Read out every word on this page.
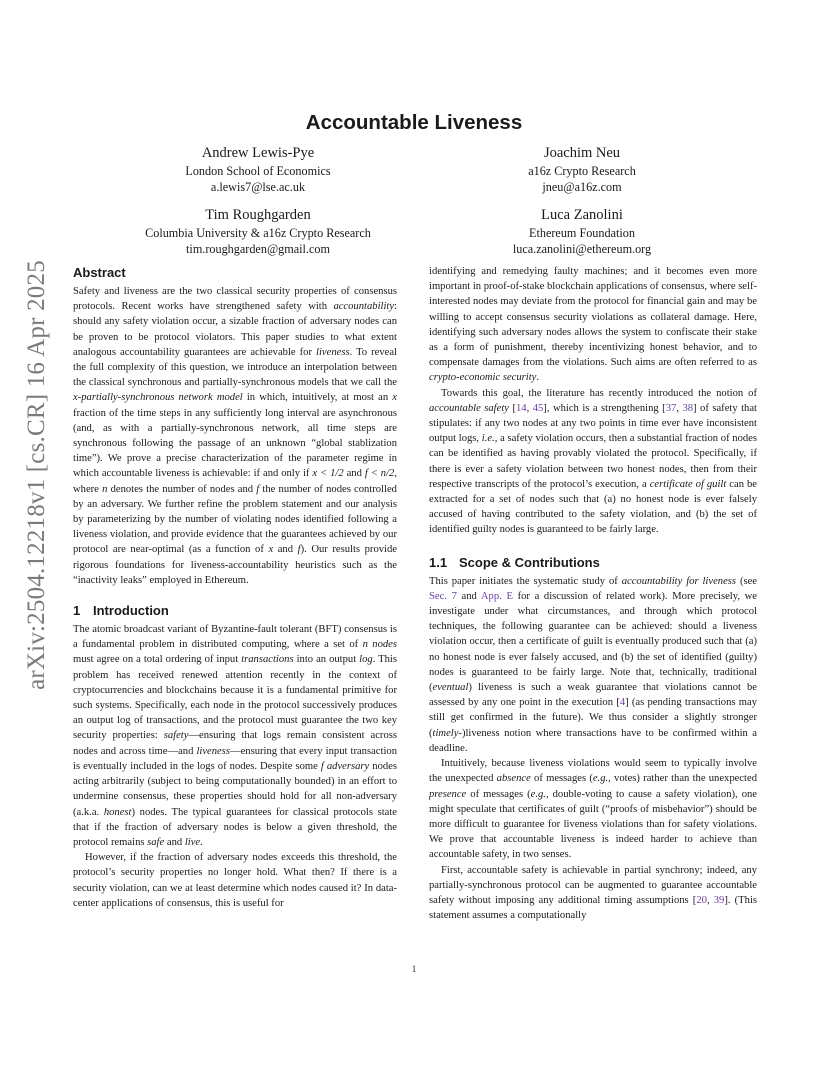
arXiv:2504.12218v1 [cs.CR] 16 Apr 2025
Accountable Liveness
Andrew Lewis-Pye
London School of Economics
a.lewis7@lse.ac.uk
Joachim Neu
a16z Crypto Research
jneu@a16z.com
Tim Roughgarden
Columbia University & a16z Crypto Research
tim.roughgarden@gmail.com
Luca Zanolini
Ethereum Foundation
luca.zanolini@ethereum.org
Abstract

Safety and liveness are the two classical security properties of consensus protocols. Recent works have strengthened safety with accountability: should any safety violation occur, a sizable fraction of adversary nodes can be proven to be protocol violators. This paper studies to what extent analogous accountability guarantees are achievable for liveness. To reveal the full complexity of this question, we introduce an interpolation between the classical synchronous and partially-synchronous models that we call the x-partially-synchronous network model in which, intuitively, at most an x fraction of the time steps in any sufficiently long interval are asynchronous (and, as with a partially-synchronous network, all time steps are synchronous following the passage of an unknown “global stablization time”). We prove a precise characterization of the parameter regime in which accountable liveness is achievable: if and only if x < 1/2 and f < n/2, where n denotes the number of nodes and f the number of nodes controlled by an adversary. We further refine the problem statement and our analysis by parameterizing by the number of violating nodes identified following a liveness violation, and provide evidence that the guarantees achieved by our protocol are near-optimal (as a function of x and f). Our results provide rigorous foundations for liveness-accountability heuristics such as the “inactivity leaks” employed in Ethereum.

1 Introduction

The atomic broadcast variant of Byzantine-fault tolerant (BFT) consensus is a fundamental problem in distributed computing, where a set of n nodes must agree on a total ordering of input transactions into an output log. This problem has received renewed attention recently in the context of cryptocurrencies and blockchains because it is a fundamental primitive for such systems. Specifically, each node in the protocol successively produces an output log of transactions, and the protocol must guarantee the two key security properties: safety—ensuring that logs remain consistent across nodes and across time—and liveness—ensuring that every input transaction is eventually included in the logs of nodes. Despite some f adversary nodes acting arbitrarily (subject to being computationally bounded) in an effort to undermine consensus, these properties should hold for all non-adversary (a.k.a. honest) nodes. The typical guarantees for classical protocols state that if the fraction of adversary nodes is below a given threshold, the protocol remains safe and live.

However, if the fraction of adversary nodes exceeds this threshold, the protocol’s security properties no longer hold. What then? If there is a security violation, can we at least determine which nodes caused it? In data-center applications of consensus, this is useful for

identifying and remedying faulty machines; and it becomes even more important in proof-of-stake blockchain applications of consensus, where self-interested nodes may deviate from the protocol for financial gain and may be willing to accept consensus security violations as collateral damage. Here, identifying such adversary nodes allows the system to confiscate their stake as a form of punishment, thereby incentivizing honest behavior, and to compensate damages from the violations. Such aims are often referred to as crypto-economic security.

Towards this goal, the literature has recently introduced the notion of accountable safety [14, 45], which is a strengthening [37, 38] of safety that stipulates: if any two nodes at any two points in time ever have inconsistent output logs, i.e., a safety violation occurs, then a substantial fraction of nodes can be identified as having provably violated the protocol. Specifically, if there is ever a safety violation between two honest nodes, then from their respective transcripts of the protocol’s execution, a certificate of guilt can be extracted for a set of nodes such that (a) no honest node is ever falsely accused of having contributed to the safety violation, and (b) the set of identified guilty nodes is guaranteed to be fairly large.

1.1 Scope & Contributions

This paper initiates the systematic study of accountability for liveness (see Sec. 7 and App. E for a discussion of related work). More precisely, we investigate under what circumstances, and through which protocol techniques, the following guarantee can be achieved: should a liveness violation occur, then a certificate of guilt is eventually produced such that (a) no honest node is ever falsely accused, and (b) the set of identified (guilty) nodes is guaranteed to be fairly large. Note that, technically, traditional (eventual) liveness is such a weak guarantee that violations cannot be assessed by any one point in the execution [4] (as pending transactions may still get confirmed in the future). We thus consider a slightly stronger (timely-)liveness notion where transactions have to be confirmed within a deadline.

Intuitively, because liveness violations would seem to typically involve the unexpected absence of messages (e.g., votes) rather than the unexpected presence of messages (e.g., double-voting to cause a safety violation), one might speculate that certificates of guilt (“proofs of misbehavior”) should be more difficult to guarantee for liveness violations than for safety violations. We prove that accountable liveness is indeed harder to achieve than accountable safety, in two senses.

First, accountable safety is achievable in partial synchrony; indeed, any partially-synchronous protocol can be augmented to guarantee accountable safety without imposing any additional timing assumptions [20, 39]. (This statement assumes a computationally

1
